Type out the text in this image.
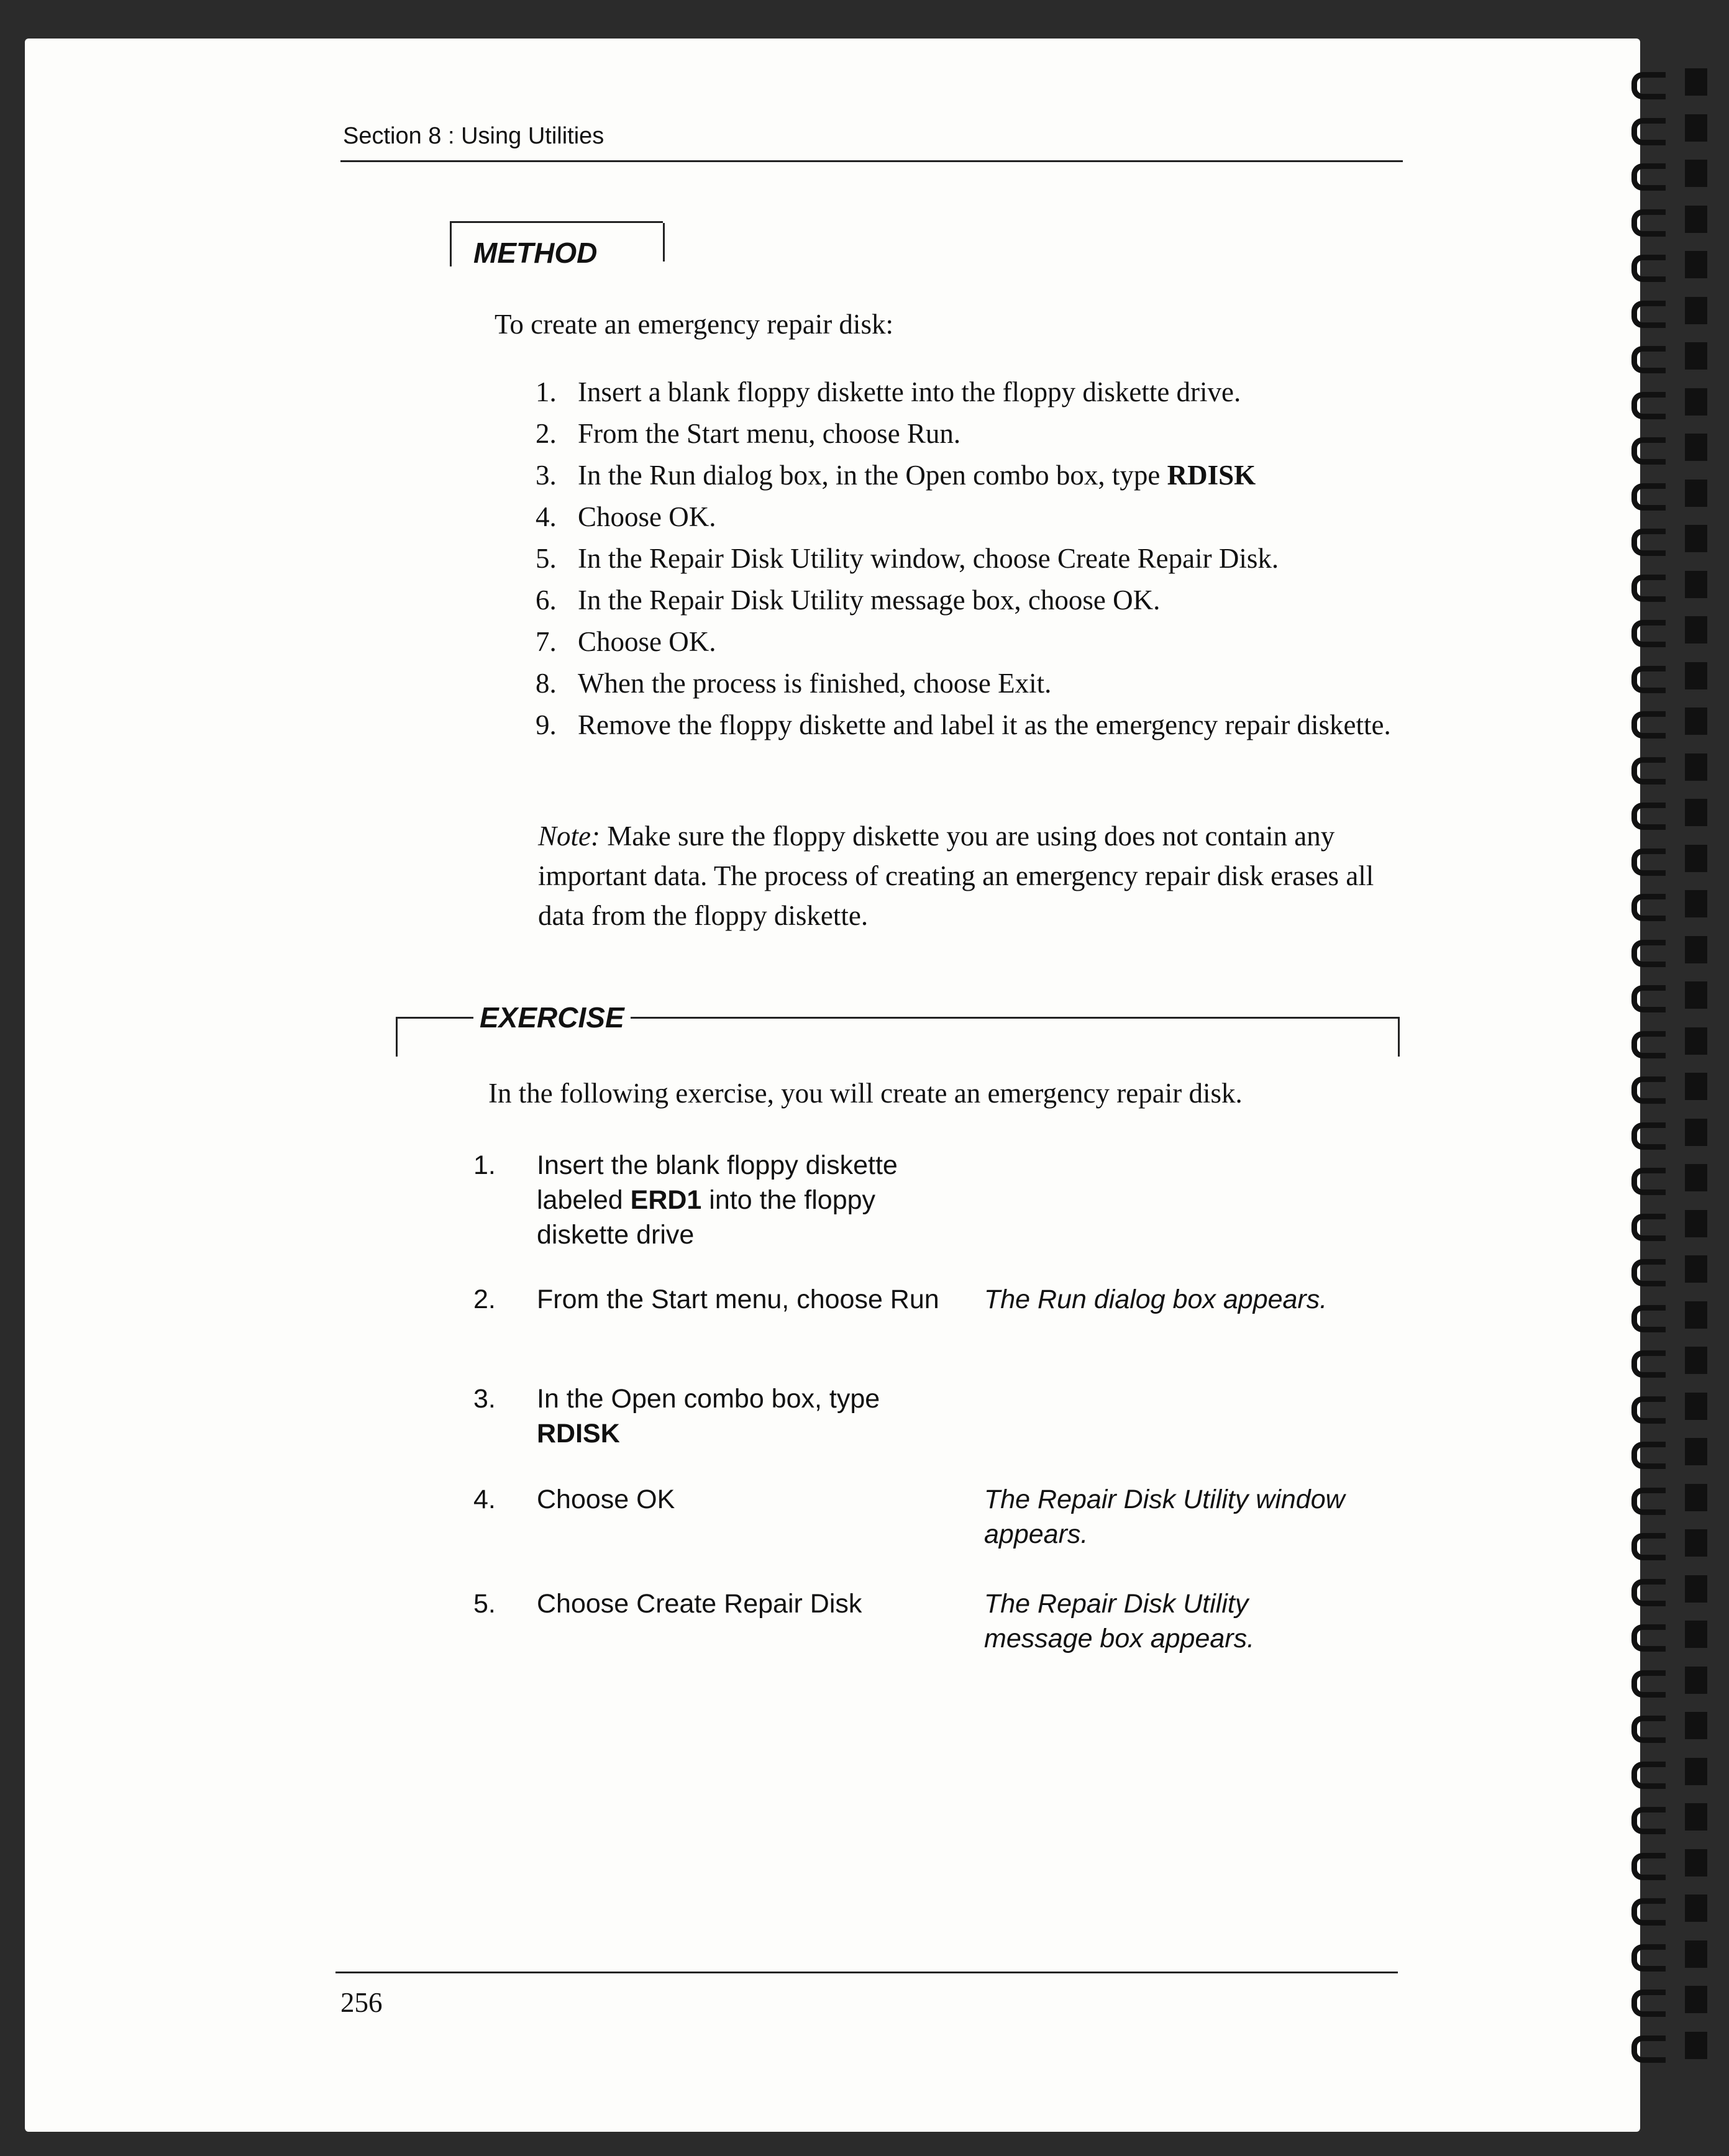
Section 8 : Using Utilities
METHOD
To create an emergency repair disk:
1. Insert a blank floppy diskette into the floppy diskette drive.
2. From the Start menu, choose Run.
3. In the Run dialog box, in the Open combo box, type RDISK
4. Choose OK.
5. In the Repair Disk Utility window, choose Create Repair Disk.
6. In the Repair Disk Utility message box, choose OK.
7. Choose OK.
8. When the process is finished, choose Exit.
9. Remove the floppy diskette and label it as the emergency repair diskette.
Note: Make sure the floppy diskette you are using does not contain any important data. The process of creating an emergency repair disk erases all data from the floppy diskette.
EXERCISE
In the following exercise, you will create an emergency repair disk.
1. Insert the blank floppy diskette labeled ERD1 into the floppy diskette drive
2. From the Start menu, choose Run The Run dialog box appears.
3. In the Open combo box, type RDISK
4. Choose OK	The Repair Disk Utility window appears.
5. Choose Create Repair Disk	The Repair Disk Utility message box appears.
256
